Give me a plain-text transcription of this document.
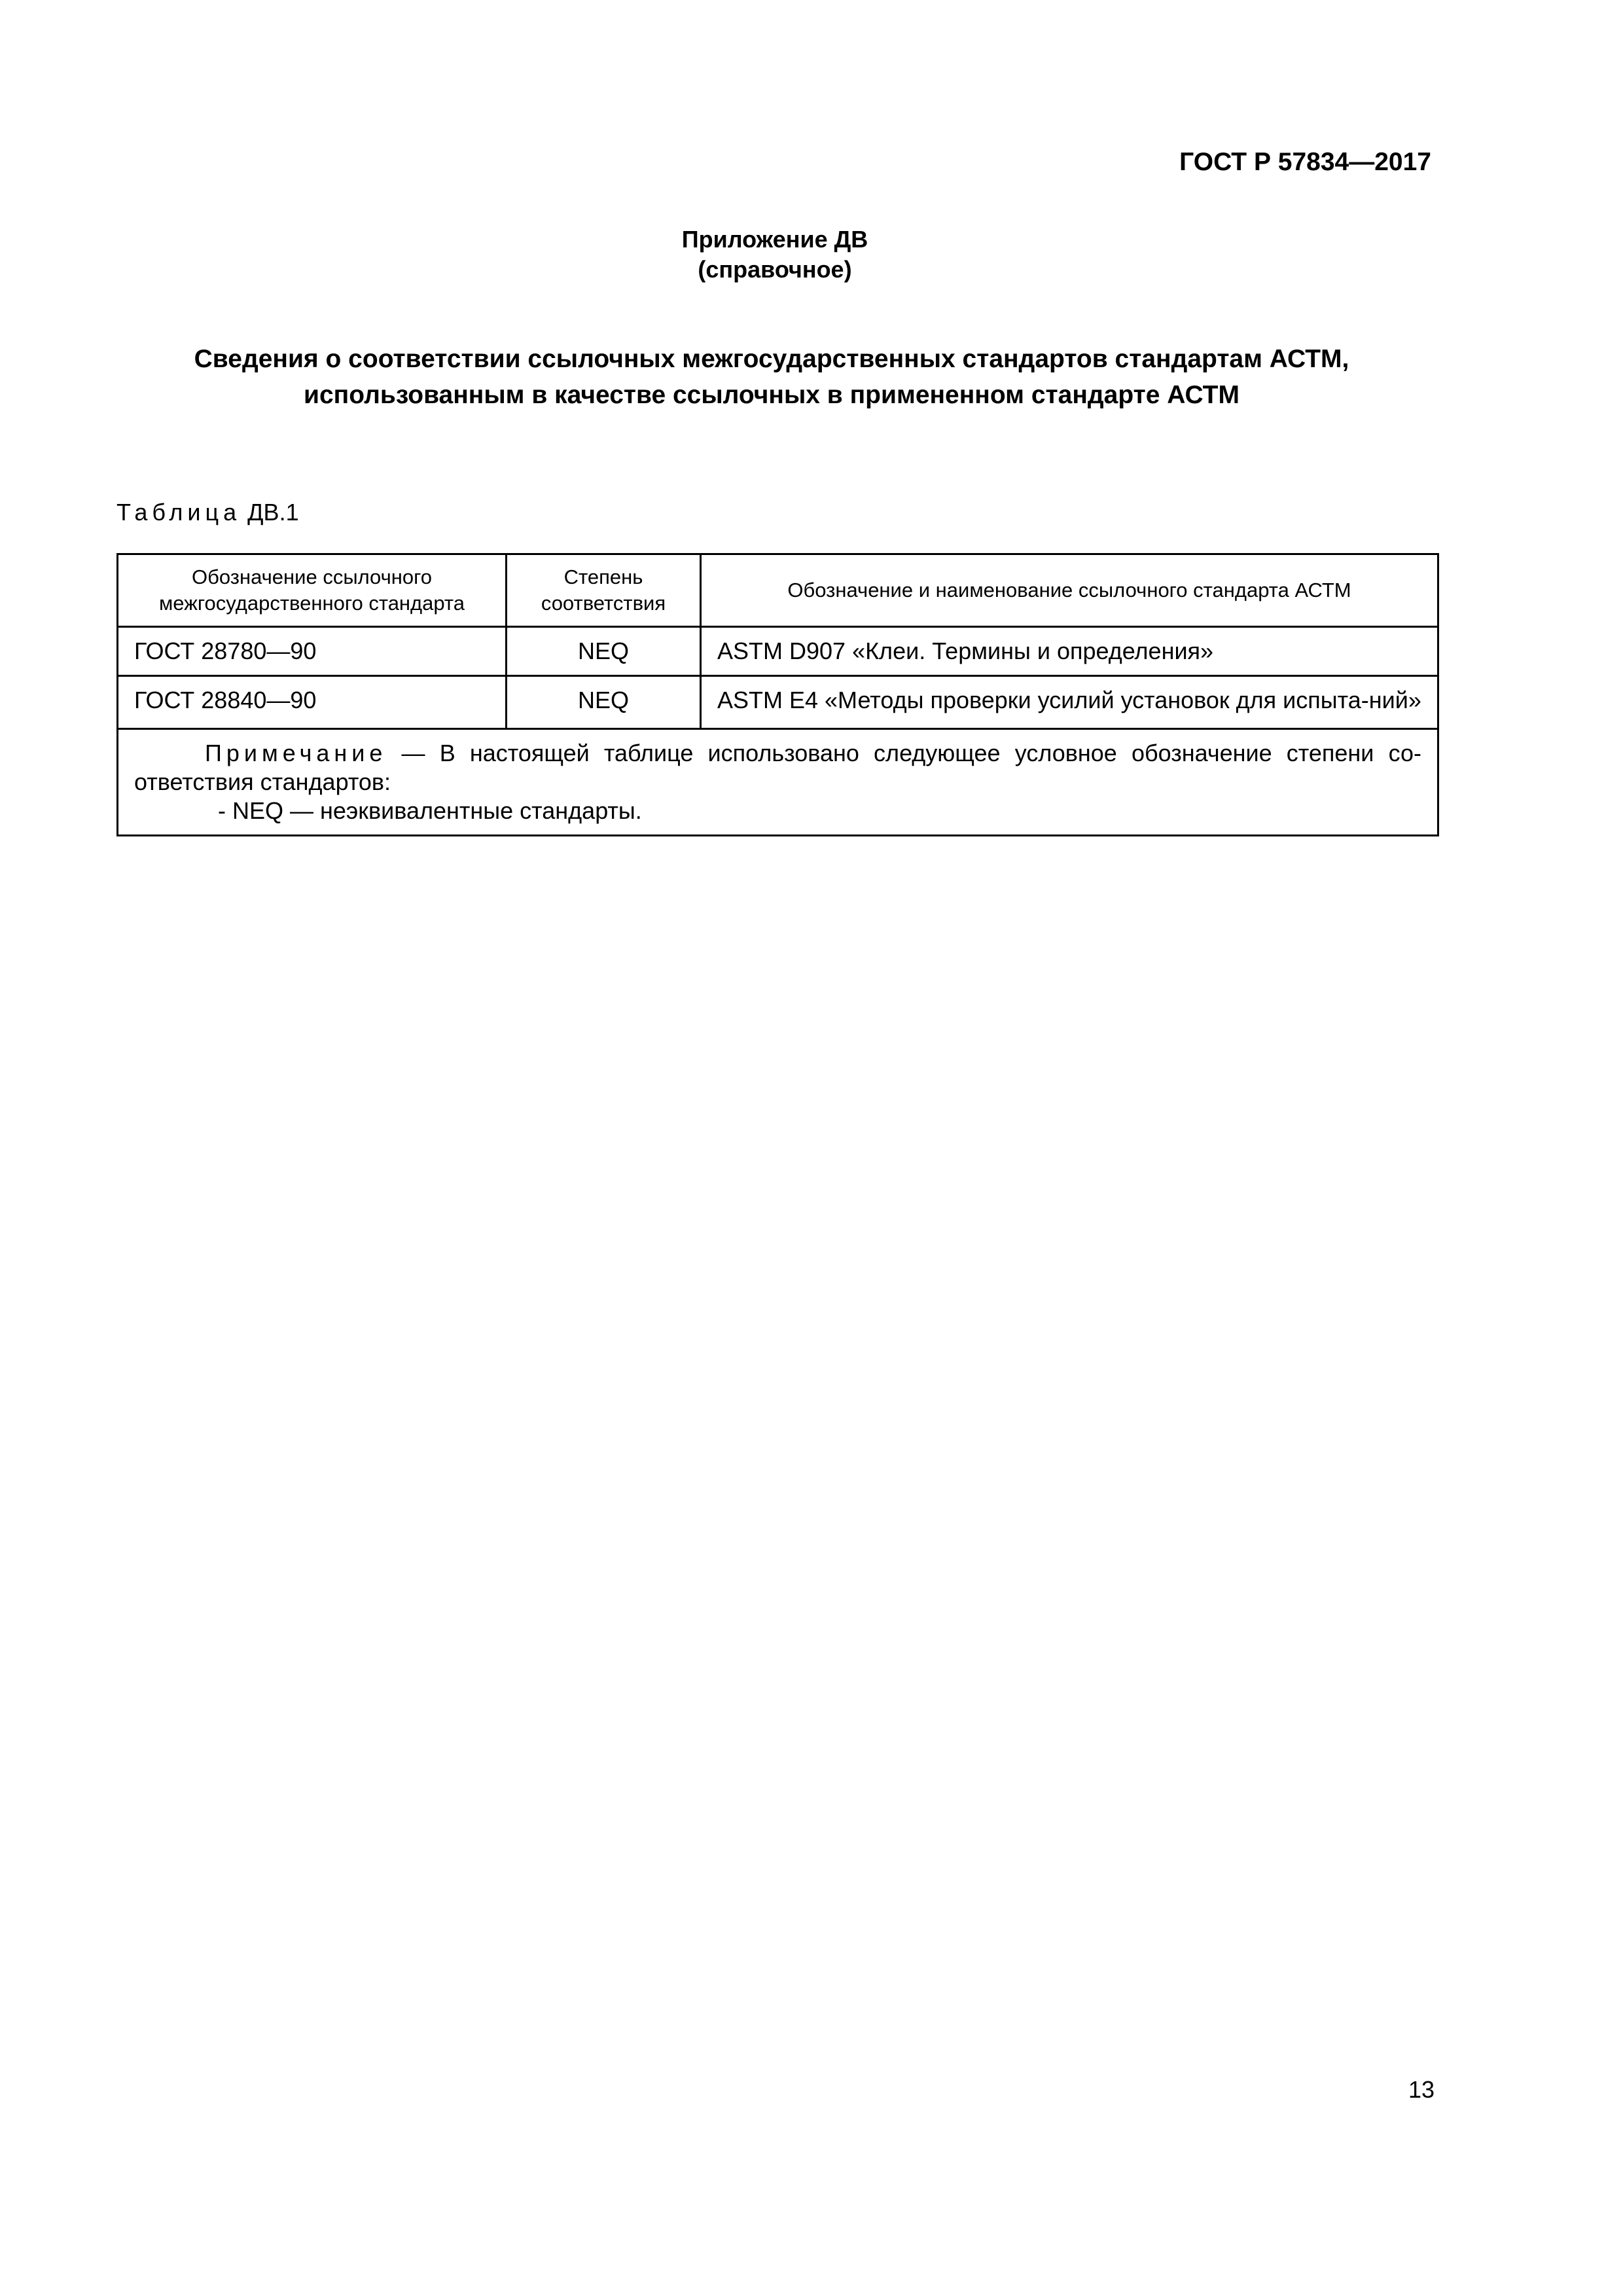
ГОСТ Р 57834—2017

Приложение ДВ
(справочное)
Сведения о соответствии ссылочных межгосударственных стандартов стандартам АСТМ,
использованным в качестве ссылочных в примененном стандарте АСТМ

Таблица ДВ.1

Обозначение ссылочного межгосударственного стандарта	Степень соответствия	Обозначение и наименование ссылочного стандарта АСТМ
ГОСТ 28780—90	NEQ	ASTM D907 «Клеи. Термины и определения»
ГОСТ 28840—90	NEQ	ASTM E4 «Методы проверки усилий установок для испыта-ний»

Примечание — В настоящей таблице использовано следующее условное обозначение степени со-ответствия стандартов:
- NEQ — неэквивалентные стандарты.		

13
